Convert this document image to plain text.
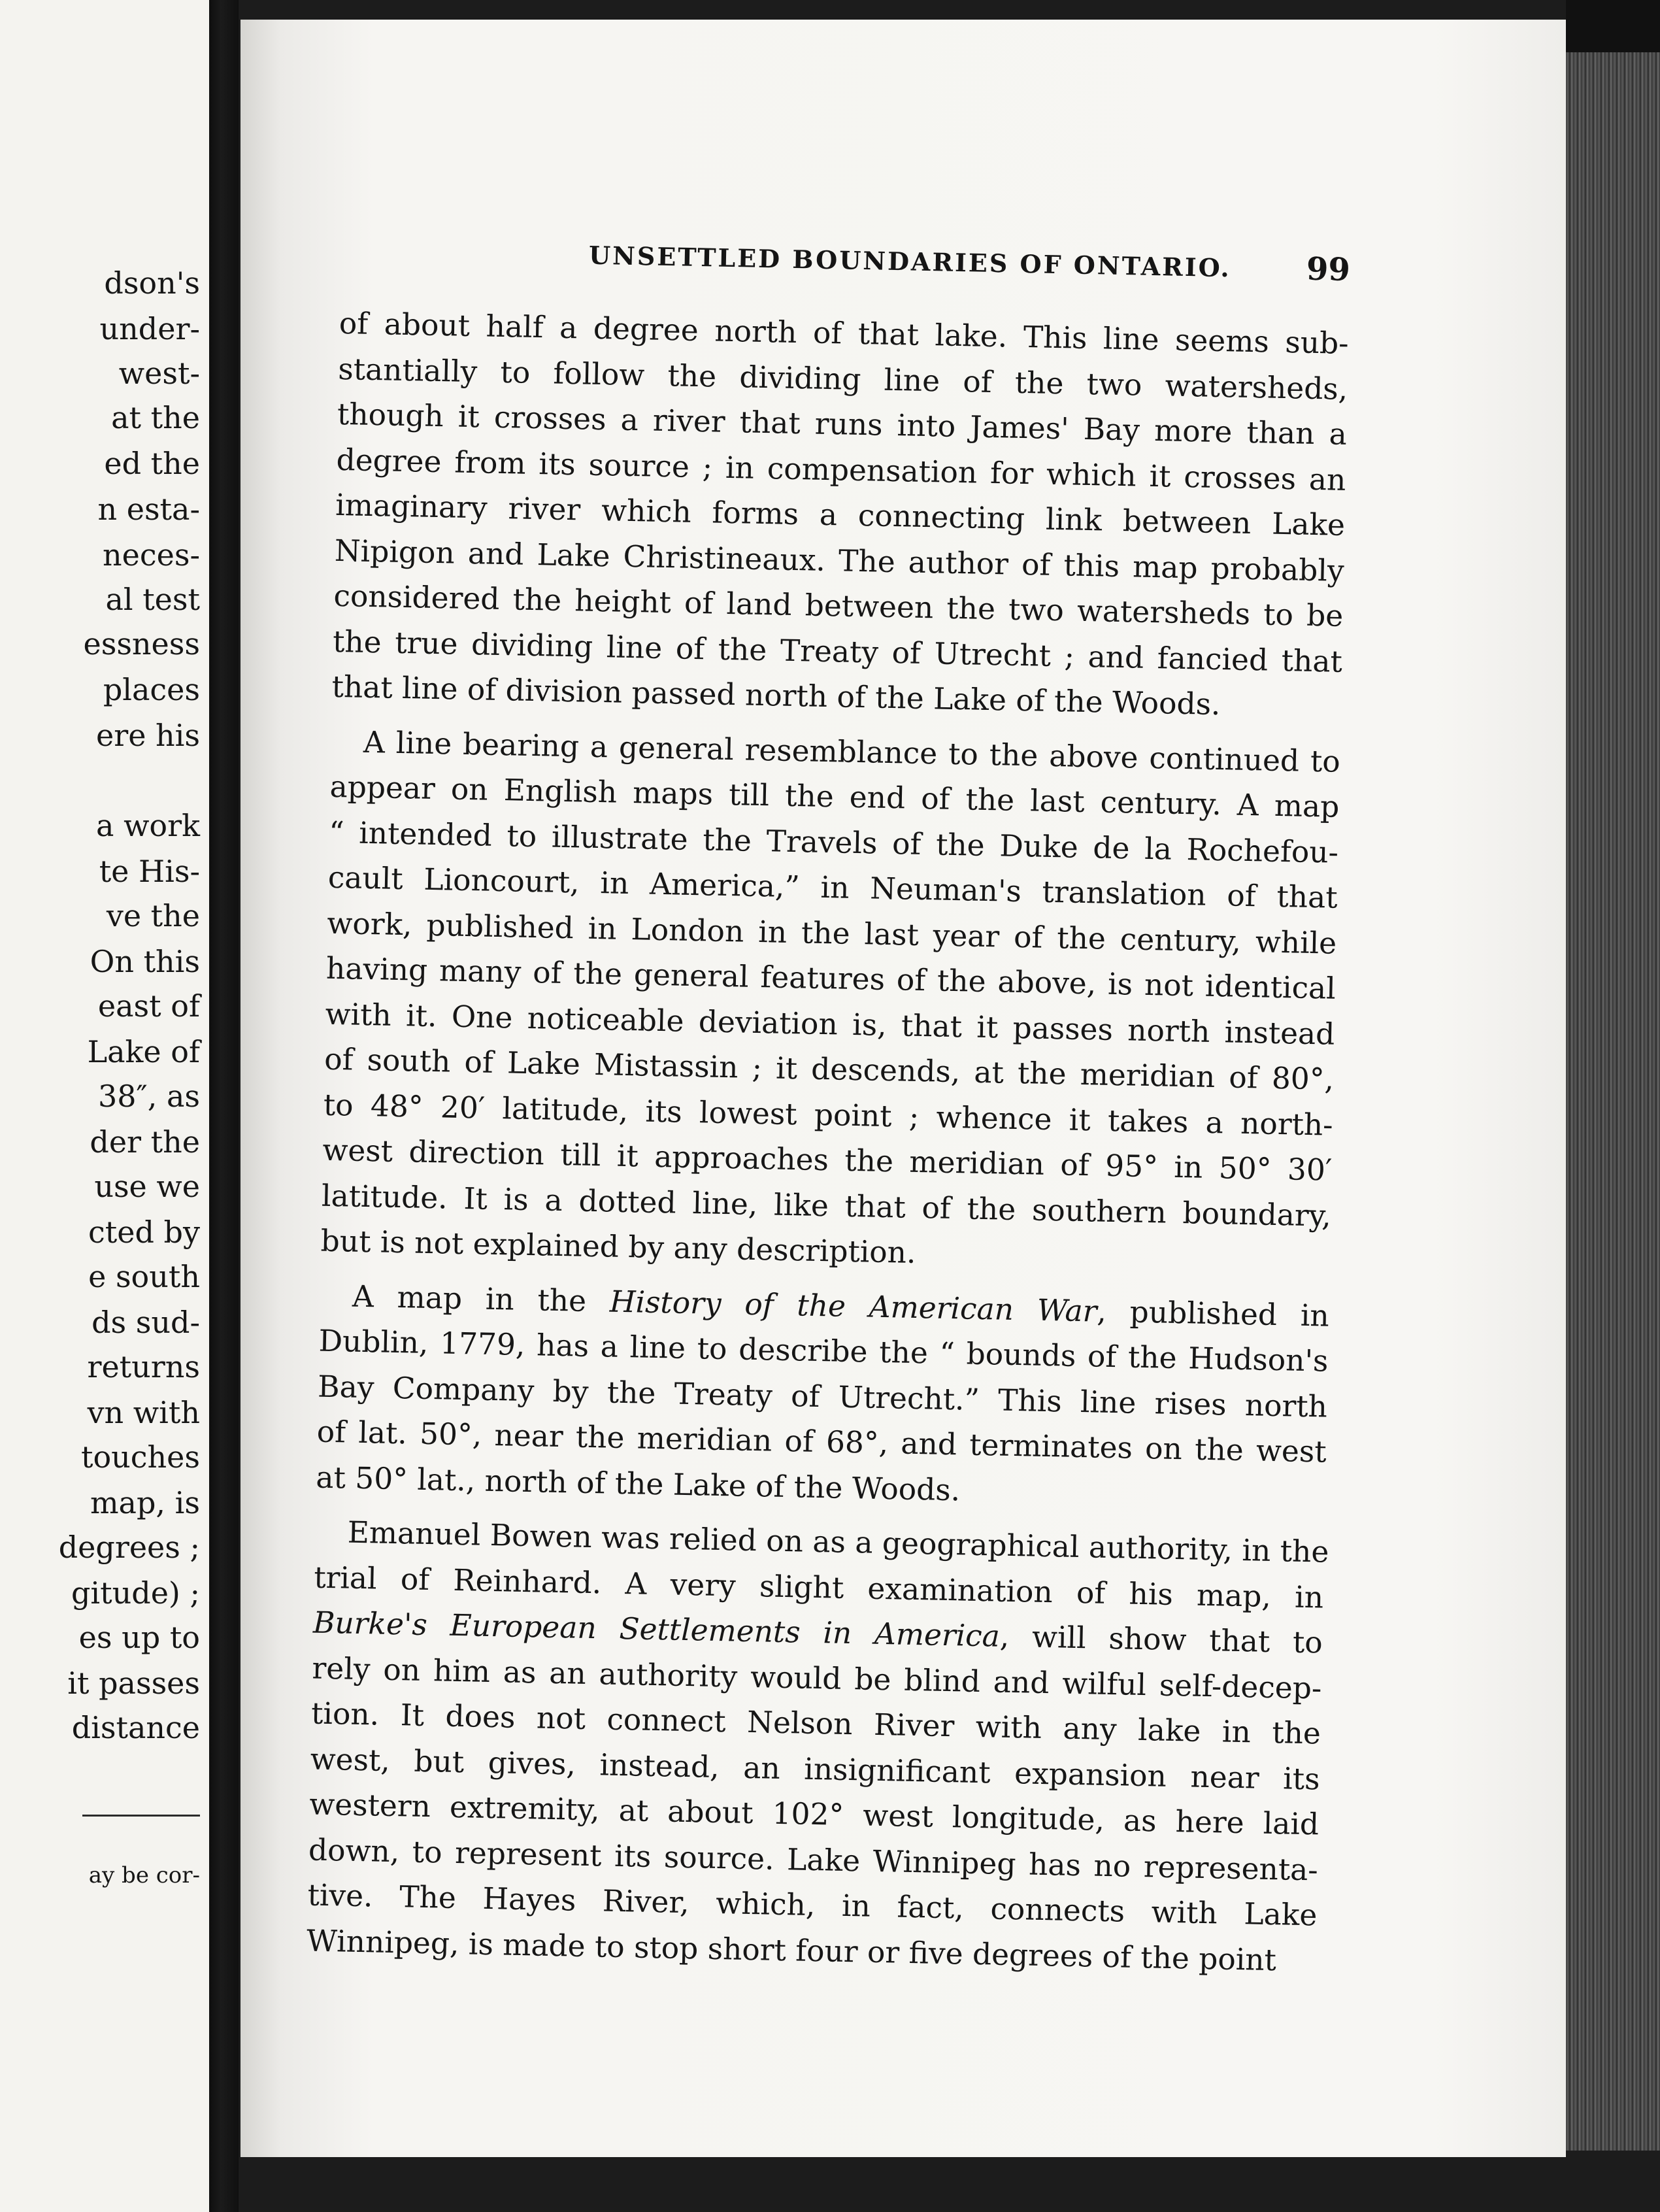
dson's
under-
west-
at the
ed the
n esta-
neces-
al test
essness
places
ere his
a work
te His-
ve the
On this
east of
Lake of
38″, as
der the
use we
cted by
e south
ds sud-
returns
vn with
touches
map, is
degrees ;
gitude) ;
es up to
it passes
distance
ay be cor-
UNSETTLED BOUNDARIES OF ONTARIO. 99

of about half a degree north of that lake. This line seems sub-
stantially to follow the dividing line of the two watersheds,
though it crosses a river that runs into James' Bay more than a
degree from its source ; in compensation for which it crosses an
imaginary river which forms a connecting link between Lake
Nipigon and Lake Christineaux. The author of this map probably
considered the height of land between the two watersheds to be
the true dividing line of the Treaty of Utrecht ; and fancied that
that line of division passed north of the Lake of the Woods.

A line bearing a general resemblance to the above continued to
appear on English maps till the end of the last century. A map
“ intended to illustrate the Travels of the Duke de la Rochefou-
cault Lioncourt, in America,” in Neuman's translation of that
work, published in London in the last year of the century, while
having many of the general features of the above, is not identical
with it. One noticeable deviation is, that it passes north instead
of south of Lake Mistassin ; it descends, at the meridian of 80°,
to 48° 20′ latitude, its lowest point ; whence it takes a north-
west direction till it approaches the meridian of 95° in 50° 30′
latitude. It is a dotted line, like that of the southern boundary,
but is not explained by any description.

A map in the History of the American War, published in
Dublin, 1779, has a line to describe the “ bounds of the Hudson's
Bay Company by the Treaty of Utrecht.” This line rises north
of lat. 50°, near the meridian of 68°, and terminates on the west
at 50° lat., north of the Lake of the Woods.

Emanuel Bowen was relied on as a geographical authority, in the
trial of Reinhard. A very slight examination of his map, in
Burke's European Settlements in America, will show that to
rely on him as an authority would be blind and wilful self-decep-
tion. It does not connect Nelson River with any lake in the
west, but gives, instead, an insignificant expansion near its
western extremity, at about 102° west longitude, as here laid
down, to represent its source. Lake Winnipeg has no representa-
tive. The Hayes River, which, in fact, connects with Lake
Winnipeg, is made to stop short four or five degrees of the point
